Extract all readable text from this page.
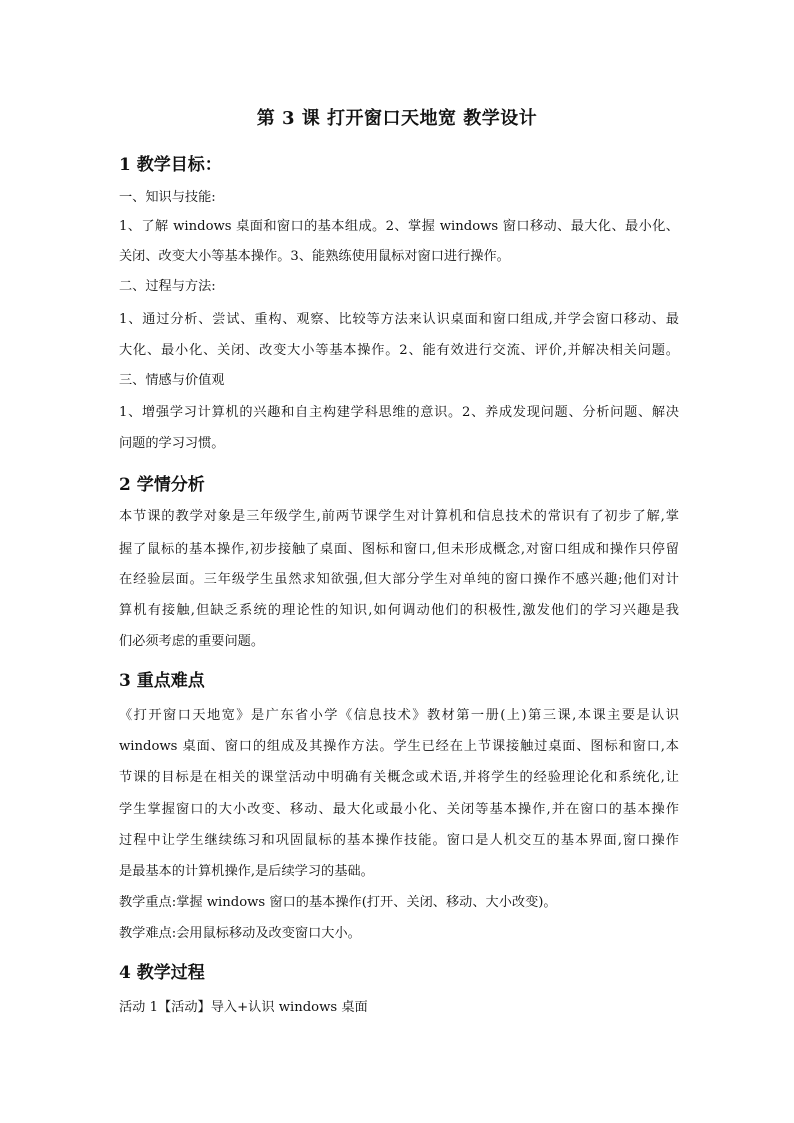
第 3 课 打开窗口天地宽 教学设计
1 教学目标：
一、知识与技能:
1、了解 windows 桌面和窗口的基本组成。2、掌握 windows 窗口移动、最大化、最小化、
关闭、改变大小等基本操作。3、能熟练使用鼠标对窗口进行操作。
二、过程与方法:
1、通过分析、尝试、重构、观察、比较等方法来认识桌面和窗口组成,并学会窗口移动、最
大化、最小化、关闭、改变大小等基本操作。2、能有效进行交流、评价,并解决相关问题。
三、情感与价值观
1、增强学习计算机的兴趣和自主构建学科思维的意识。2、养成发现问题、分析问题、解决
问题的学习习惯。
2 学情分析
本节课的教学对象是三年级学生,前两节课学生对计算机和信息技术的常识有了初步了解,掌
握了鼠标的基本操作,初步接触了桌面、图标和窗口,但未形成概念,对窗口组成和操作只停留
在经验层面。三年级学生虽然求知欲强,但大部分学生对单纯的窗口操作不感兴趣;他们对计
算机有接触,但缺乏系统的理论性的知识,如何调动他们的积极性,激发他们的学习兴趣是我
们必须考虑的重要问题。
3 重点难点
《打开窗口天地宽》是广东省小学《信息技术》教材第一册(上)第三课,本课主要是认识
windows 桌面、窗口的组成及其操作方法。学生已经在上节课接触过桌面、图标和窗口,本
节课的目标是在相关的课堂活动中明确有关概念或术语,并将学生的经验理论化和系统化,让
学生掌握窗口的大小改变、移动、最大化或最小化、关闭等基本操作,并在窗口的基本操作
过程中让学生继续练习和巩固鼠标的基本操作技能。窗口是人机交互的基本界面,窗口操作
是最基本的计算机操作,是后续学习的基础。
教学重点:掌握 windows 窗口的基本操作(打开、关闭、移动、大小改变)。
教学难点:会用鼠标移动及改变窗口大小。
4 教学过程
活动 1【活动】导入+认识 windows 桌面
